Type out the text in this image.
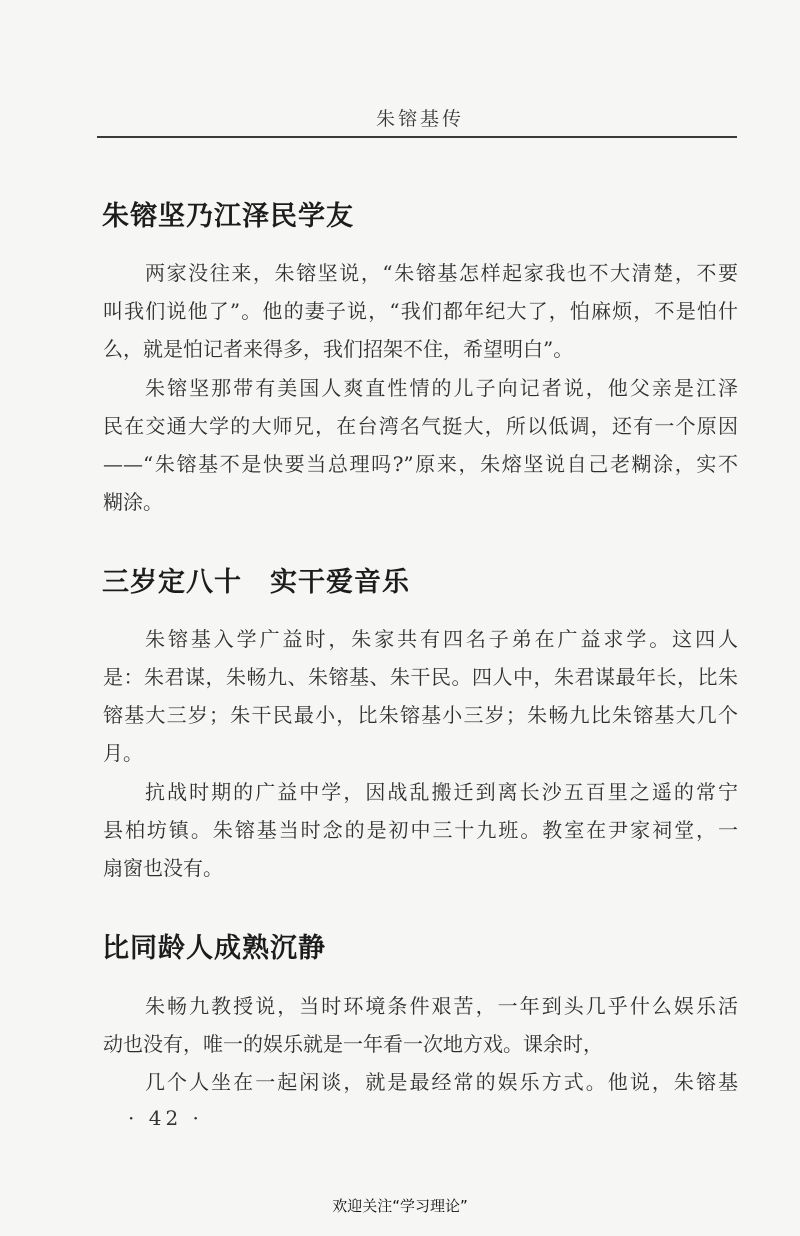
朱镕基传
朱镕坚乃江泽民学友
两家没往来，朱镕坚说，“朱镕基怎样起家我也不大清楚，不要
叫我们说他了”。他的妻子说，“我们都年纪大了，怕麻烦，不是怕什
么，就是怕记者来得多，我们招架不住，希望明白”。
朱镕坚那带有美国人爽直性情的儿子向记者说，他父亲是江泽
民在交通大学的大师兄，在台湾名气挺大，所以低调，还有一个原因
——“朱镕基不是快要当总理吗?”原来，朱熔坚说自己老糊涂，实不
糊涂。
三岁定八十　实干爱音乐
朱镕基入学广益时，朱家共有四名子弟在广益求学。这四人
是：朱君谋，朱畅九、朱镕基、朱干民。四人中，朱君谋最年长，比朱
镕基大三岁；朱干民最小，比朱镕基小三岁；朱畅九比朱镕基大几个
月。
抗战时期的广益中学，因战乱搬迁到离长沙五百里之遥的常宁
县柏坊镇。朱镕基当时念的是初中三十九班。教室在尹家祠堂，一
扇窗也没有。
比同龄人成熟沉静
朱畅九教授说，当时环境条件艰苦，一年到头几乎什么娱乐活
动也没有，唯一的娱乐就是一年看一次地方戏。课余时，
几个人坐在一起闲谈，就是最经常的娱乐方式。他说，朱镕基
· 42 ·
欢迎关注“学习理论”
